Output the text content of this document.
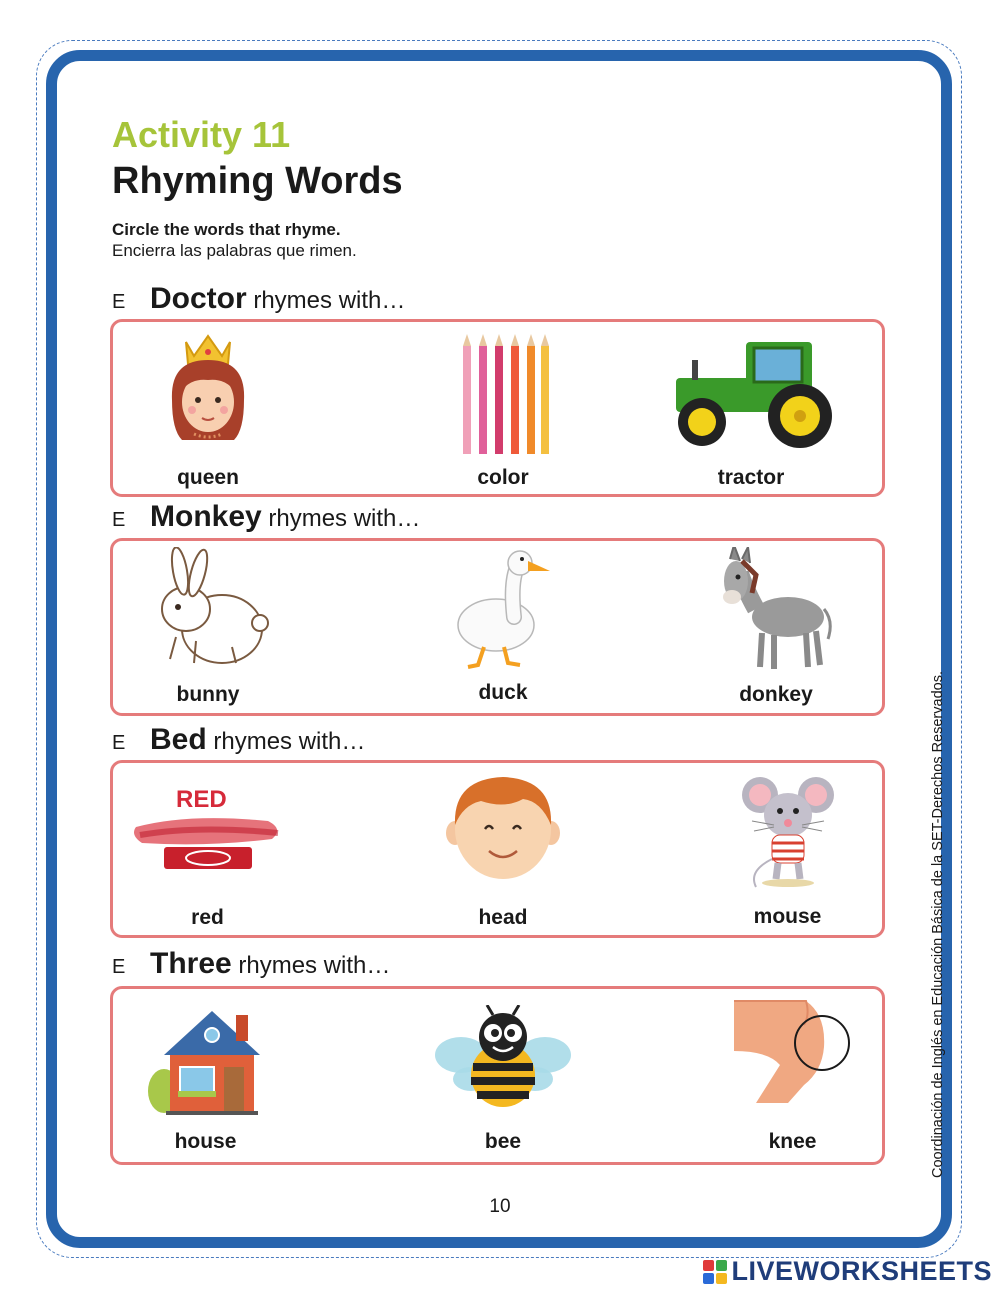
Activity 11
Rhyming Words
Circle the words that rhyme.
Encierra las palabras que rimen.
E Doctor rhymes with…
queen	color	tractor
E Monkey rhymes with…
bunny	duck	donkey
E Bed rhymes with…
RED
red	head	mouse
E Three rhymes with…
house	bee	knee
10
Coordinación de Inglés en Educación Básica de la SET-Derechos Reservados.
LIVEWORKSHEETS
